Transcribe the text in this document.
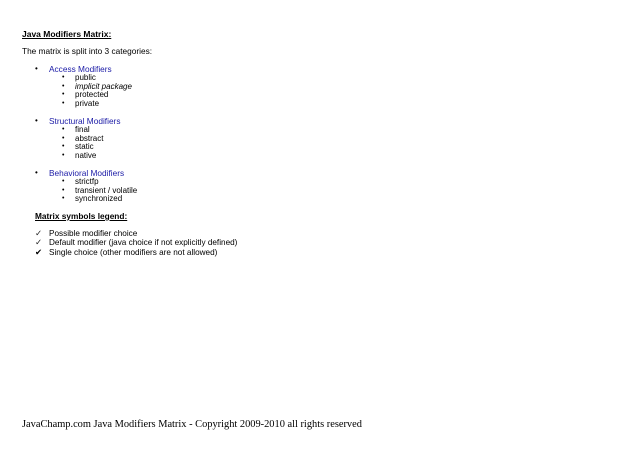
Java Modifiers Matrix:
The matrix is split into 3 categories:
• Access Modifiers
• public
• implicit package
• protected
• private
• Structural Modifiers
• final
• abstract
• static
• native
• Behavioral Modifiers
• strictfp
• transient / volatile
• synchronized
Matrix symbols legend:
✓ Possible modifier choice
✓ Default modifier (java choice if not explicitly defined)
✔ Single choice (other modifiers are not allowed)
JavaChamp.com Java Modifiers Matrix - Copyright 2009-2010 all rights reserved
